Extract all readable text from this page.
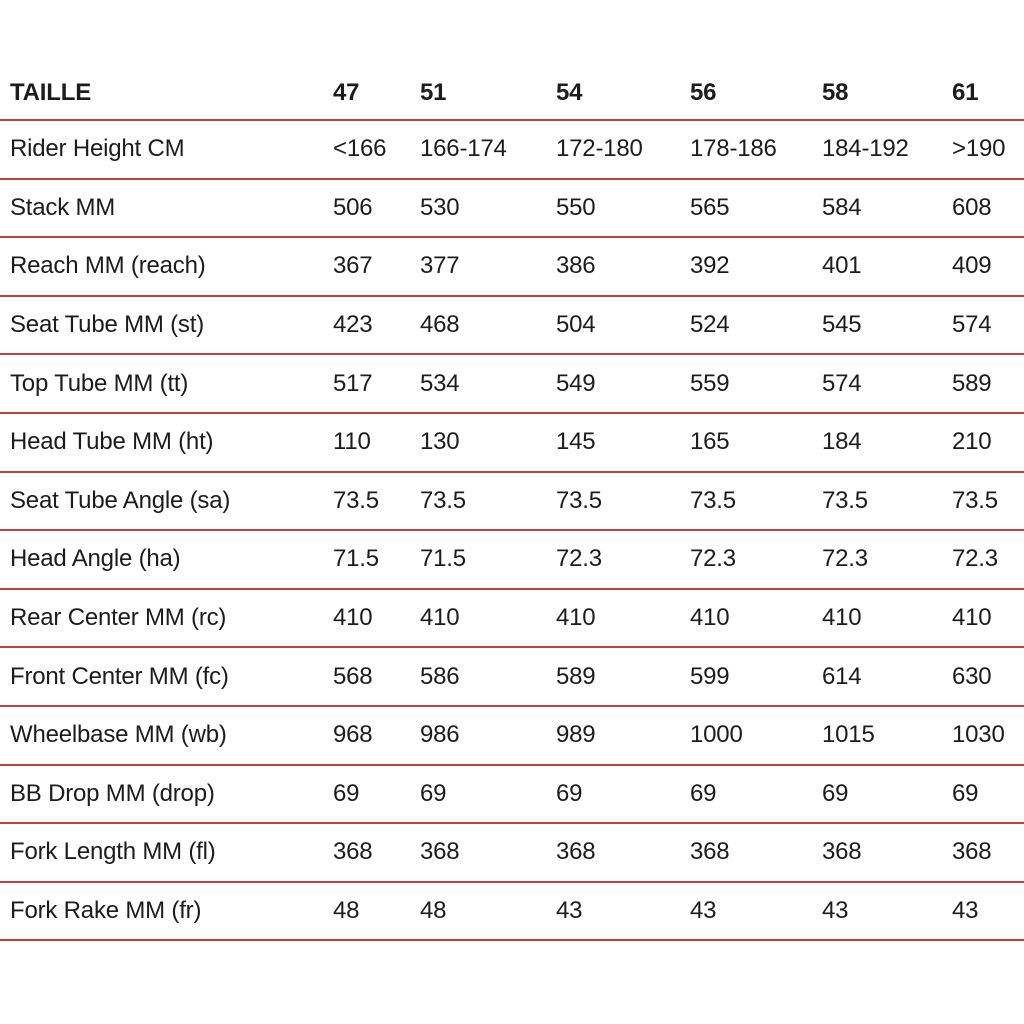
TAILLE	47	51	54	56	58	61
Rider Height CM	<166	166-174	172-180	178-186	184-192	>190
Stack MM	506	530	550	565	584	608
Reach MM (reach)	367	377	386	392	401	409
Seat Tube MM (st)	423	468	504	524	545	574
Top Tube MM (tt)	517	534	549	559	574	589
Head Tube MM (ht)	110	130	145	165	184	210
Seat Tube Angle (sa)	73.5	73.5	73.5	73.5	73.5	73.5
Head Angle (ha)	71.5	71.5	72.3	72.3	72.3	72.3
Rear Center MM (rc)	410	410	410	410	410	410
Front Center MM (fc)	568	586	589	599	614	630
Wheelbase MM (wb)	968	986	989	1000	1015	1030
BB Drop MM (drop)	69	69	69	69	69	69
Fork Length MM (fl)	368	368	368	368	368	368
Fork Rake MM (fr)	48	48	43	43	43	43
